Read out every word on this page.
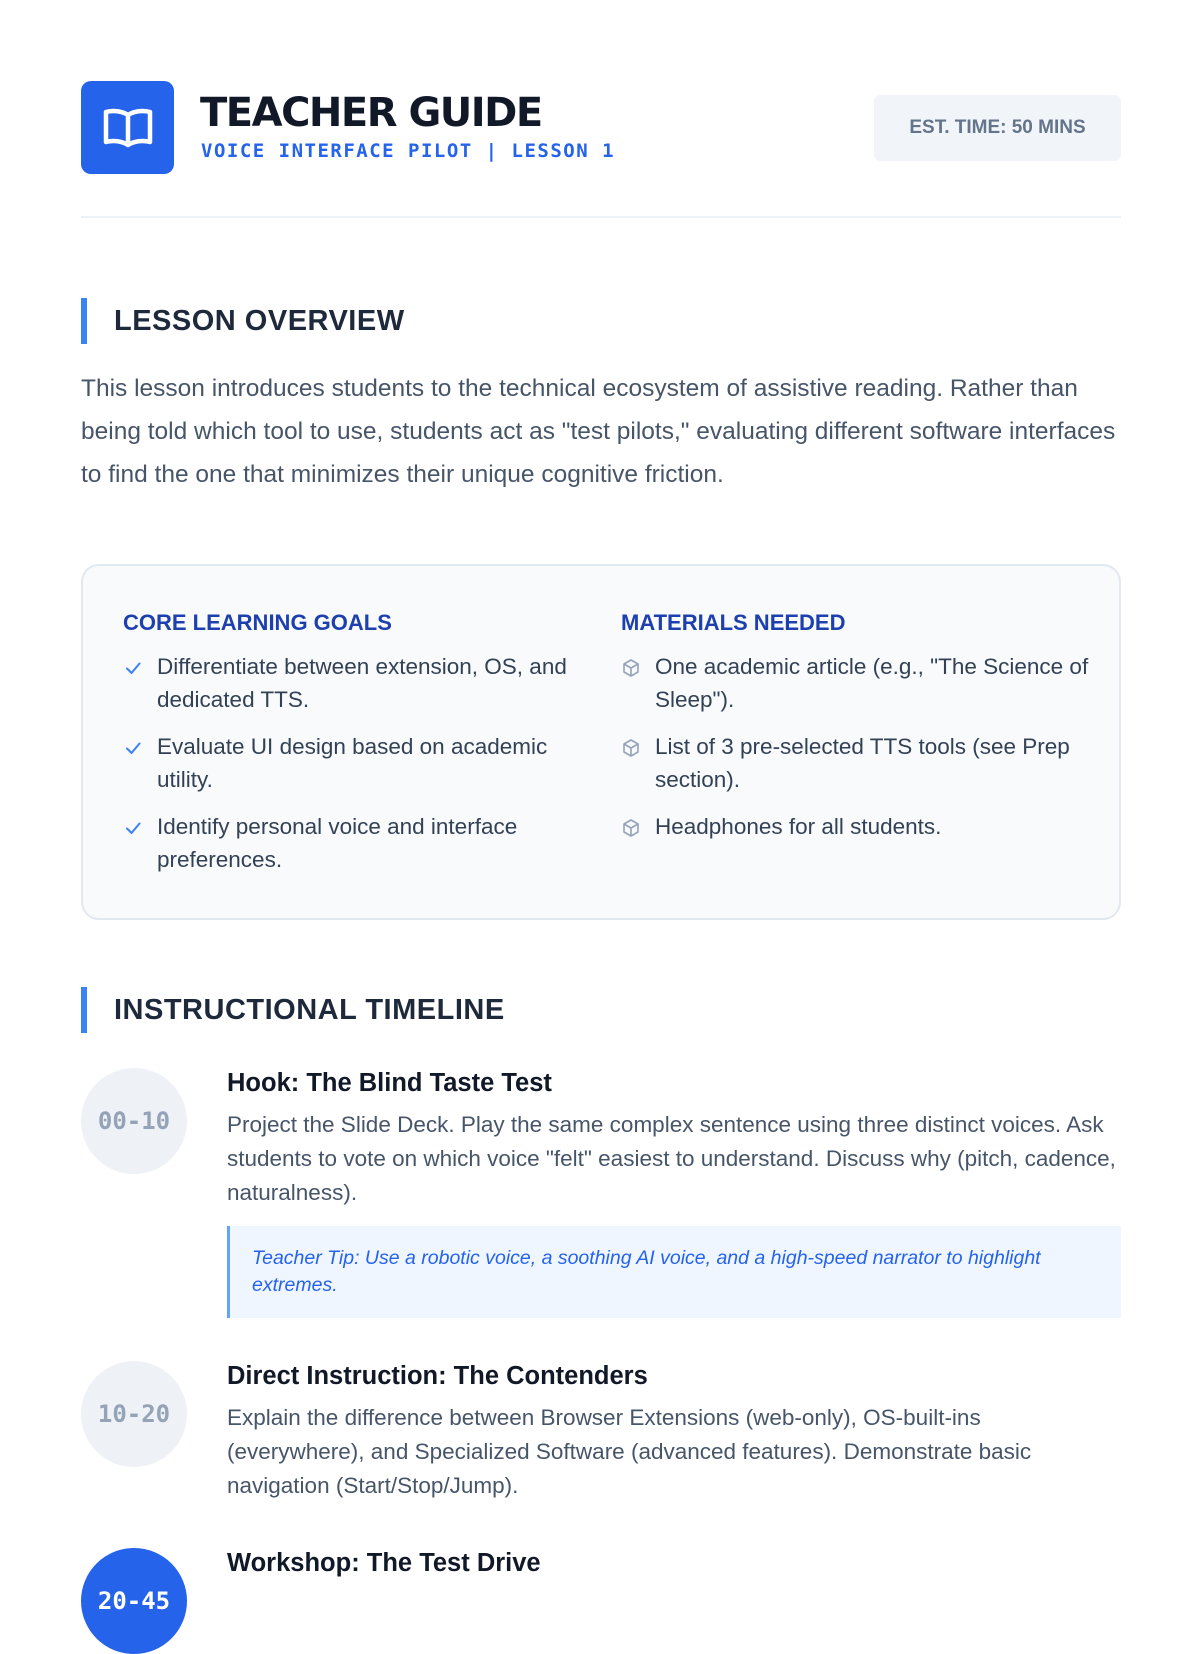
TEACHER GUIDE
VOICE INTERFACE PILOT | LESSON 1
EST. TIME: 50 MINS
LESSON OVERVIEW

This lesson introduces students to the technical ecosystem of assistive reading. Rather than being told which tool to use, students act as "test pilots," evaluating different software interfaces to find the one that minimizes their unique cognitive friction.

CORE LEARNING GOALS
Differentiate between extension, OS, and dedicated TTS.
Evaluate UI design based on academic utility.
Identify personal voice and interface preferences.
MATERIALS NEEDED
One academic article (e.g., "The Science of Sleep").
List of 3 pre-selected TTS tools (see Prep section).
Headphones for all students.
INSTRUCTIONAL TIMELINE
00-10
Hook: The Blind Taste Test
Project the Slide Deck. Play the same complex sentence using three distinct voices. Ask students to vote on which voice "felt" easiest to understand. Discuss why (pitch, cadence, naturalness).
Teacher Tip: Use a robotic voice, a soothing AI voice, and a high-speed narrator to highlight extremes.
10-20
Direct Instruction: The Contenders
Explain the difference between Browser Extensions (web-only), OS-built-ins (everywhere), and Specialized Software (advanced features). Demonstrate basic navigation (Start/Stop/Jump).
20-45
Workshop: The Test Drive
